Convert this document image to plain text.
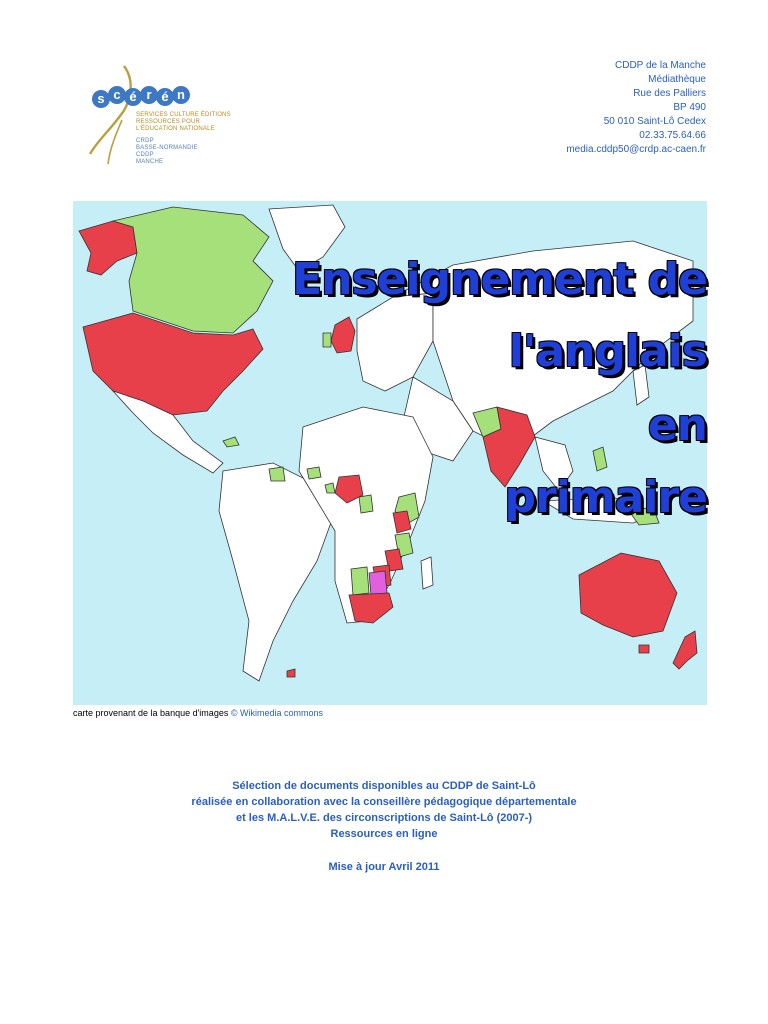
s c é r é n
SERVICES CULTURE ÉDITIONS
RESSOURCES POUR
L'ÉDUCATION NATIONALE
CRDP
BASSE-NORMANDIE
CDDP
MANCHE
CDDP de la Manche
Médiathèque
Rue des Palliers
BP 490
50 010 Saint-Lô Cedex
02.33.75.64.66
media.cddp50@crdp.ac-caen.fr
Enseignement de
l'anglais
en
primaire
carte provenant de la banque d'images © Wikimedia commons
Sélection de documents disponibles au CDDP de Saint-Lô
réalisée en collaboration avec la conseillère pédagogique départementale
et les M.A.L.V.E. des circonscriptions de Saint-Lô (2007-)
Ressources en ligne
Mise à jour Avril 2011
